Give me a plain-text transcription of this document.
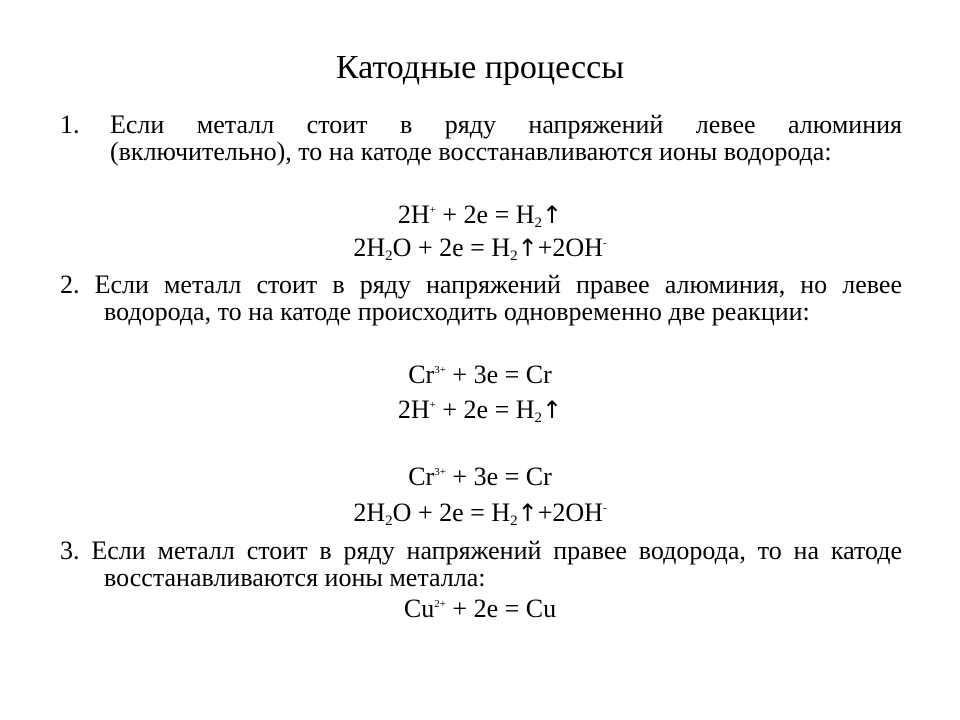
Катодные процессы
1. Если металл стоит в ряду напряжений левее алюминия (включительно), то на катоде восстанавливаются ионы водорода:
$2H^+ + 2e = H_2↑$
$2H_2O + 2e$ = $H_2↑+2OH^-$
2. Если металл стоит в ряду напряжений правее алюминия, но левее водорода, то на катоде происходить одновременно две реакции:
$Cr^{3+} + 3e = Cr$
$2H^+ + 2e = H_2↑$
$Cr^{3+} + 3e = Cr$
$2H_2O + 2e$ = $H_2↑+2OH^-$
3. Если металл стоит в ряду напряжений правее водорода, то на катоде восстанавливаются ионы металла:
$Cu^{2+} + 2e = Cu$
